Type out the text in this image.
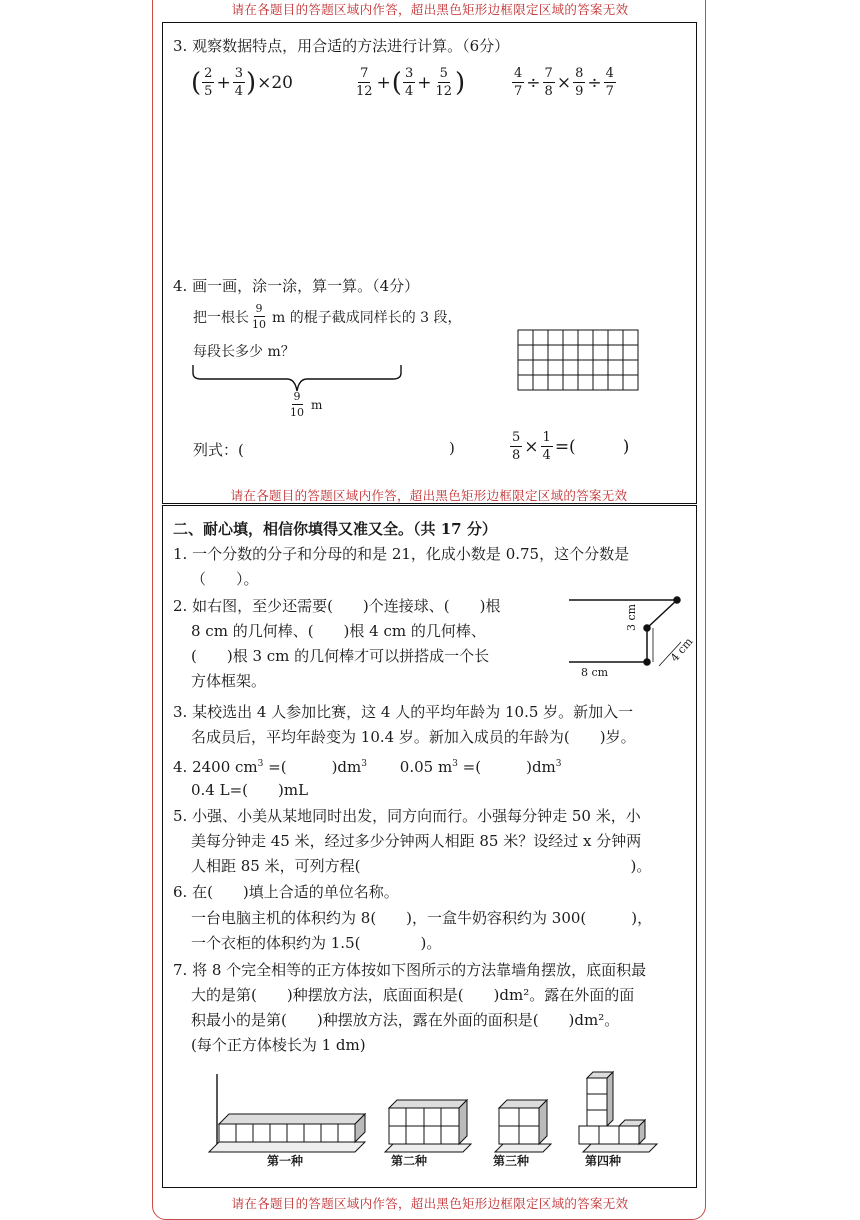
请在各题目的答题区域内作答，超出黑色矩形边框限定区域的答案无效
3. 观察数据特点，用合适的方法进行计算。（6分）
( $\frac{2}{5} + \frac{3}{4}$ ) ×20	$\frac{7}{12}$ + ( $\frac{3}{4} + \frac{5}{12}$ )	$\frac{4}{7} \div \frac{7}{8} \times \frac{8}{9} \div \frac{4}{7}$
4. 画一画，涂一涂，算一算。（4分）
把一根长 $\frac{9}{10}$ m 的棍子截成同样长的 3 段，
每段长多少 m？
$\frac{9}{10}$ m
列式：(	)	$\frac{5}{8} \times \frac{1}{4}$ =(	)
请在各题目的答题区域内作答，超出黑色矩形边框限定区域的答案无效
二、耐心填，相信你填得又准又全。（共 17 分）
1. 一个分数的分子和分母的和是 21，化成小数是 0.75，这个分数是
（　　）。
2. 如右图，至少还需要(　　)个连接球、(　　)根
8 cm 的几何棒、(　　)根 4 cm 的几何棒、
(　　)根 3 cm 的几何棒才可以拼搭成一个长
方体框架。
3 cm
4 cm
8 cm
3. 某校选出 4 人参加比赛，这 4 人的平均年龄为 10.5 岁。新加入一
名成员后，平均年龄变为 10.4 岁。新加入成员的年龄为(　　)岁。
4. 2400 $cm^3$ =(　　　)$dm^3$ 0.05 $m^3$ =(　　　)$dm^3$
0.4 L=(　　)mL
5. 小强、小美从某地同时出发，同方向而行。小强每分钟走 50 米，小
美每分钟走 45 米，经过多少分钟两人相距 85 米？设经过 x 分钟两
人相距 85 米，可列方程(　　　　　　　　　　　　　　　　　　)。
6. 在(　　)填上合适的单位名称。
一台电脑主机的体积约为 8(　　)，一盒牛奶容积约为 300(　　　)，
一个衣柜的体积约为 1.5(　　　　)。
7. 将 8 个完全相等的正方体按如下图所示的方法靠墙角摆放，底面积最
大的是第(　　)种摆放方法，底面面积是(　　)dm²。露在外面的面
积最小的是第(　　)种摆放方法，露在外面的面积是(　　)dm²。
(每个正方体棱长为 1 dm)
第一种	第二种	第三种	第四种
请在各题目的答题区域内作答，超出黑色矩形边框限定区域的答案无效
